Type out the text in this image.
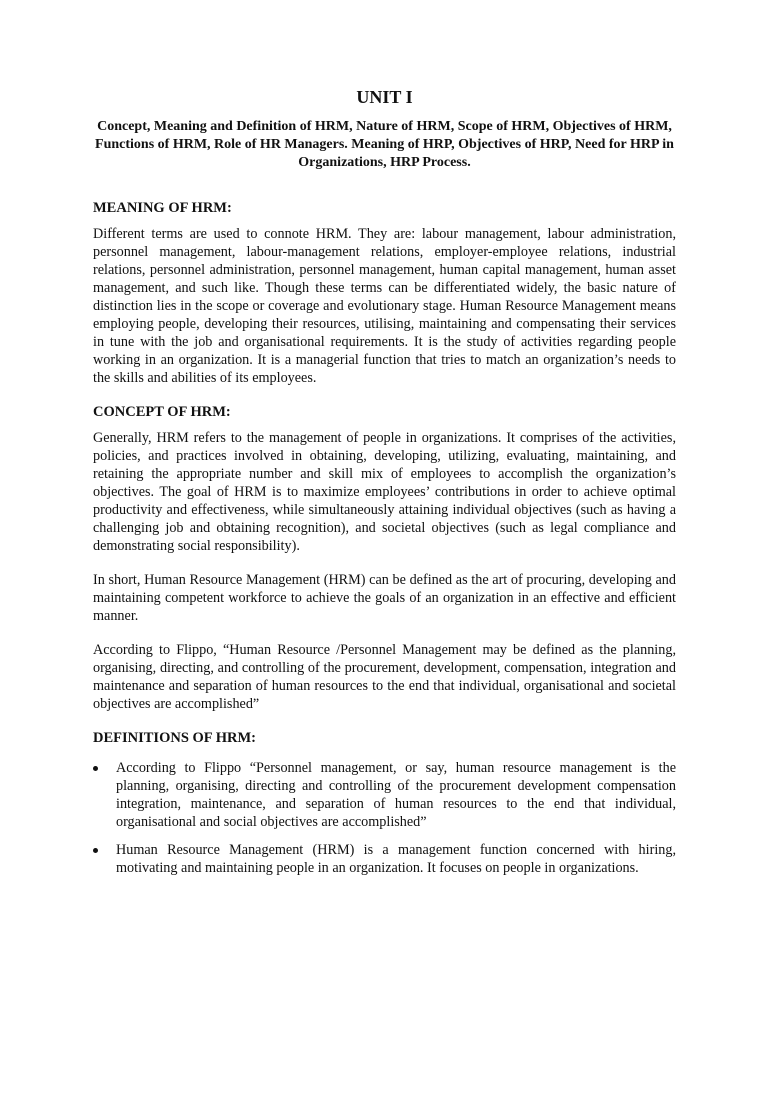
UNIT I

Concept, Meaning and Definition of HRM, Nature of HRM, Scope of HRM, Objectives of HRM, Functions of HRM, Role of HR Managers. Meaning of HRP, Objectives of HRP, Need for HRP in Organizations, HRP Process.

MEANING OF HRM:

Different terms are used to connote HRM. They are: labour management, labour administration, personnel management, labour-management relations, employer-employee relations, industrial relations, personnel administration, personnel management, human capital management, human asset management, and such like. Though these terms can be differentiated widely, the basic nature of distinction lies in the scope or coverage and evolutionary stage. Human Resource Management means employing people, developing their resources, utilising, maintaining and compensating their services in tune with the job and organisational requirements. It is the study of activities regarding people working in an organization. It is a managerial function that tries to match an organization’s needs to the skills and abilities of its employees.

CONCEPT OF HRM:

Generally, HRM refers to the management of people in organizations. It comprises of the activities, policies, and practices involved in obtaining, developing, utilizing, evaluating, maintaining, and retaining the appropriate number and skill mix of employees to accomplish the organization’s objectives. The goal of HRM is to maximize employees’ contributions in order to achieve optimal productivity and effectiveness, while simultaneously attaining individual objectives (such as having a challenging job and obtaining recognition), and societal objectives (such as legal compliance and demonstrating social responsibility).

In short, Human Resource Management (HRM) can be defined as the art of procuring, developing and maintaining competent workforce to achieve the goals of an organization in an effective and efficient manner.

According to Flippo, “Human Resource /Personnel Management may be defined as the planning, organising, directing, and controlling of the procurement, development, compensation, integration and maintenance and separation of human resources to the end that individual, organisational and societal objectives are accomplished”

DEFINITIONS OF HRM:
According to Flippo “Personnel management, or say, human resource management is the planning, organising, directing and controlling of the procurement development compensation integration, maintenance, and separation of human resources to the end that individual, organisational and social objectives are accomplished”
Human Resource Management (HRM) is a management function concerned with hiring, motivating and maintaining people in an organization. It focuses on people in organizations.
